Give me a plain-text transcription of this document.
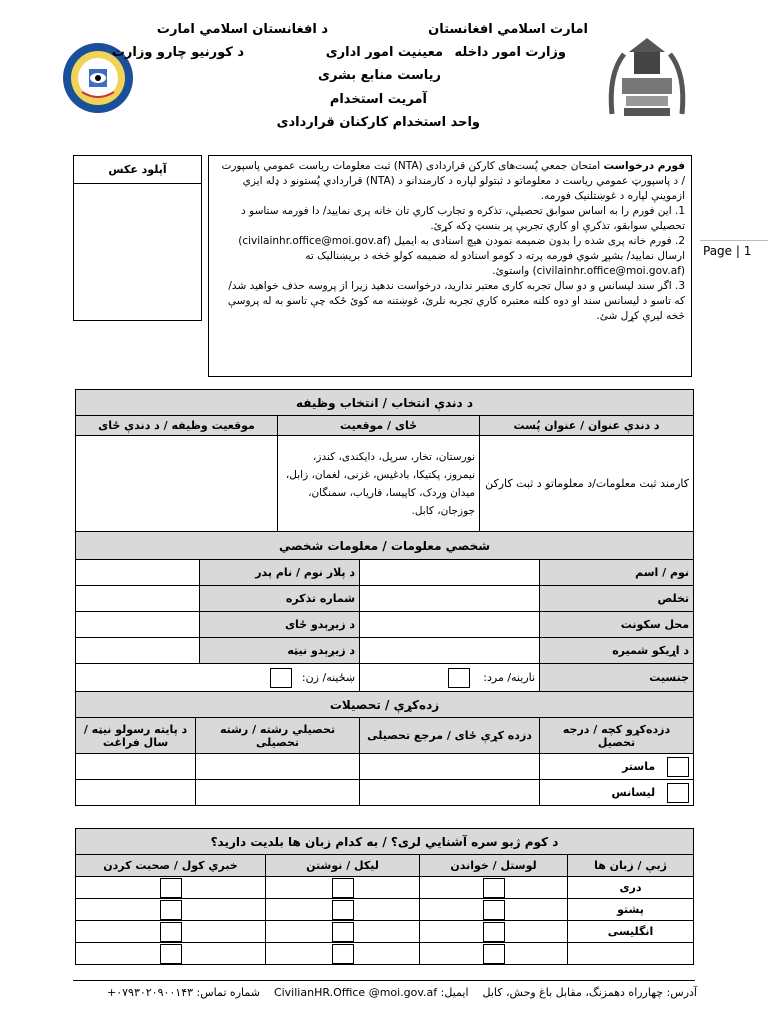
امارت اسلامي افغانستان
د افغانستان اسلامي امارت
وزارت امور داخله
معينيت امور اداری
د كورنيو چارو وزارت
رياست منابع بشری
آمريت استخدام
واحد استخدام كاركنان قراردادی
آپلود عکس	فورم درخواست امتحان جمعي پُست‌های كاركن قراردادی (NTA) ثبت معلومات رياست عمومي پاسپورت / د پاسپورټ عمومي رياست د معلوماتو د ثبتولو لپاره د كارمندانو د (NTA) قراردادي پُستونو د ډله ايزي ازموينې لپاره د غوښتلنيک فورمه.
1. اين فورم را به اساس سوابق تحصيلي، تذكره و تجارب كاري تان خانه پری نماييد/ دا فورمه ستاسو د تحصيلي سوابقو، تذكرې او كاري تجربې پر بنسټ ډكه كړئ.
2. فورم خانه پری شده را بدون ضميمه نمودن هيچ اسنادی به ايميل (civilainhr.office@moi.gov.af) ارسال نماييد/ بشپړ شوي فورمه پرته د كومو اسنادو له ضميمه كولو څخه د بريښناليک ته (civilainhr.office@moi.gov.af) واستوئ.
3. اگر سند ليسانس و دو سال تجربه كاری معتبر نداريد، درخواست ندهيد زيرا از پروسه حذف خواهيد شد/ كه تاسو د ليسانس سند او دوه كلنه معتبره كاري تجربه نلرئ، غوښتنه مه كوئ ځكه چې تاسو به له پروسې څخه ليرې كړل شئ.
Page | 1
د دندې انتخاب / انتخاب وظيفه		
د دندې عنوان / عنوان پُست	ځای / موقعيت	موقعيت وظيفه / د دندې ځای
كارمند ثبت معلومات/د معلوماتو د ثبت كاركن	نورستان، تخار، سرپل، دايكندی، كندز، نيمروز، پكتيكا، بادغيس، غزنی، لغمان، زابل، ميدان وردک، كاپيسا، فارياب، سمنگان، جوزجان، كابل.	
شخصي معلومات / معلومات شخصي			
نوم / اسم		د پلار نوم / نام پدر	
تخلص		شماره تذكره	
محل سكونت		د زيږېدو ځای	
د اړيكو شميره		د زيږېدو نيټه	
جنسيت	نارينه/ مرد:	ښځينه/ زن:	
زده‌كړې / تحصيلات			
دزده‌كړو كچه / درجه تحصيل	دزده كړې ځای / مرجع تحصيلی	تحصيلي رشته / رشته تحصيلی	د پايته رسولو نيټه / سال فراغت
ماستر			
ليسانس			
د كوم ژبو سره آشنايي لری؟ / به كدام زبان ها بلديت داريد؟			
ژبې / زبان ها	لوستل / خواندن	ليكل / نوشتن	خبري كول / صحبت كردن
دری			
پشتو			
انگليسی			

آدرس: چهارراه دهمزنگ، مقابل باغ وحش، كابل    ايميل: CivilianHR.Office @moi.gov.af    شماره تماس: ۰۷۹۳۰۲۰۹۰۰۱۴۳+
